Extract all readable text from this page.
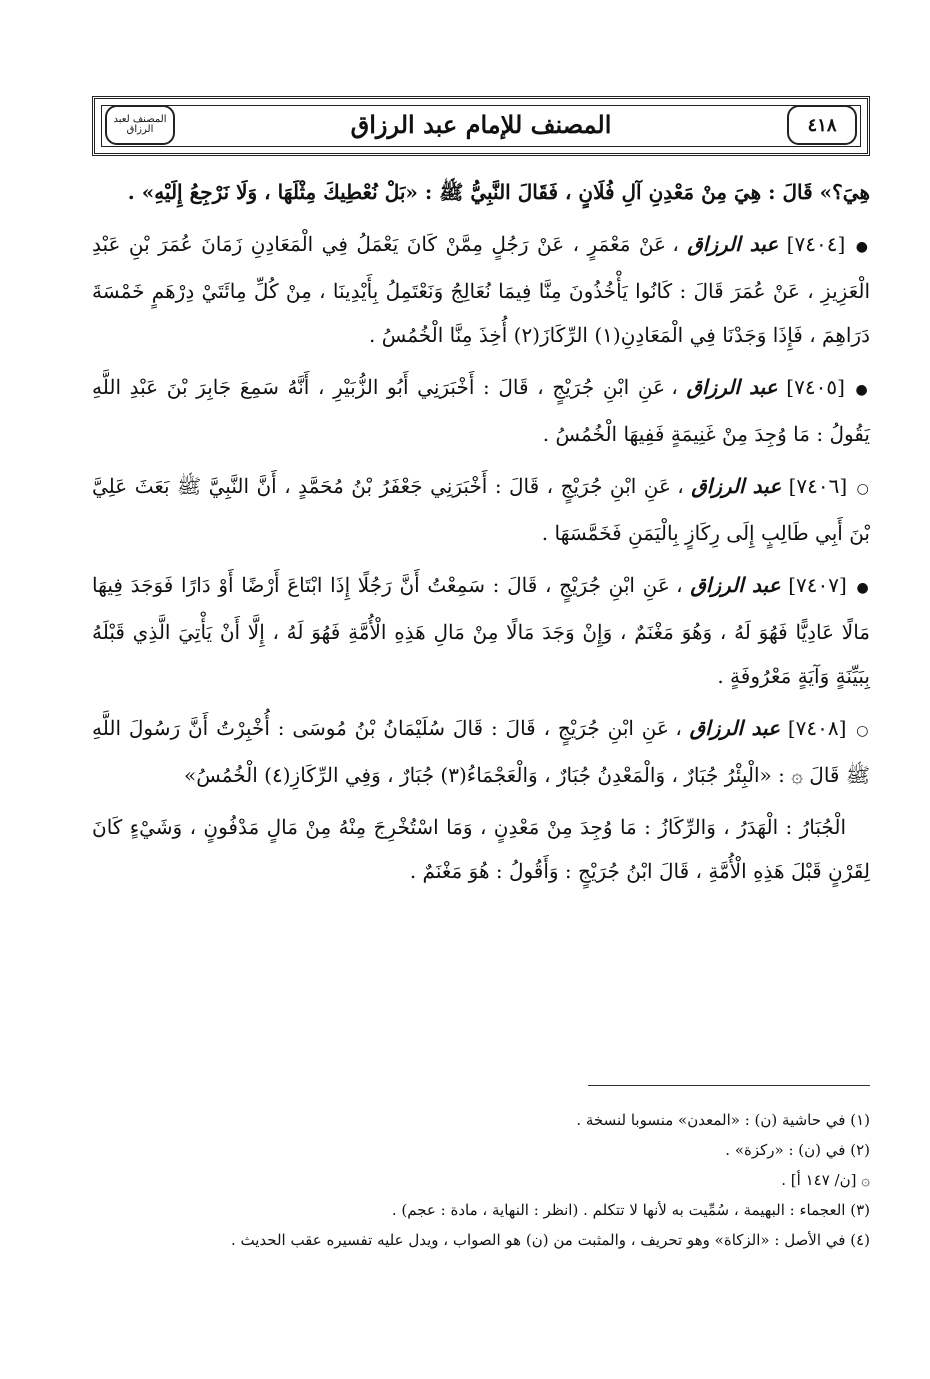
٤١٨
المصنف للإمام عبد الرزاق
المصنف لعبد الرزاق

هِيَ؟» قَالَ : هِيَ مِنْ مَعْدِنِ آلِ فُلَانٍ ، فَقَالَ النَّبِيُّ ﷺ : «بَلْ نُعْطِيكَ مِثْلَهَا ، وَلَا نَرْجِعُ إِلَيْهِ» .

● [٧٤٠٤] عبد الرزاق ، عَنْ مَعْمَرٍ ، عَنْ رَجُلٍ مِمَّنْ كَانَ يَعْمَلُ فِي الْمَعَادِنِ زَمَانَ عُمَرَ بْنِ عَبْدِ الْعَزِيزِ ، عَنْ عُمَرَ قَالَ : كَانُوا يَأْخُذُونَ مِنَّا فِيمَا نُعَالِجُ وَنَعْتَمِلُ بِأَيْدِينَا ، مِنْ كُلِّ مِائَتَيْ دِرْهَمٍ خَمْسَةَ دَرَاهِمَ ، فَإِذَا وَجَدْنَا فِي الْمَعَادِنِ(١) الرِّكَازَ(٢) أُخِذَ مِنَّا الْخُمُسُ .

● [٧٤٠٥] عبد الرزاق ، عَنِ ابْنِ جُرَيْجٍ ، قَالَ : أَخْبَرَنِي أَبُو الزُّبَيْرِ ، أَنَّهُ سَمِعَ جَابِرَ بْنَ عَبْدِ اللَّهِ يَقُولُ : مَا وُجِدَ مِنْ غَنِيمَةٍ فَفِيهَا الْخُمُسُ .

○ [٧٤٠٦] عبد الرزاق ، عَنِ ابْنِ جُرَيْجٍ ، قَالَ : أَخْبَرَنِي جَعْفَرُ بْنُ مُحَمَّدٍ ، أَنَّ النَّبِيَّ ﷺ بَعَثَ عَلِيَّ بْنَ أَبِي طَالِبٍ إِلَى رِكَازٍ بِالْيَمَنِ فَخَمَّسَهَا .

● [٧٤٠٧] عبد الرزاق ، عَنِ ابْنِ جُرَيْجٍ ، قَالَ : سَمِعْتُ أَنَّ رَجُلًا إِذَا ابْتَاعَ أَرْضًا أَوْ دَارًا فَوَجَدَ فِيهَا مَالًا عَادِيًّا فَهُوَ لَهُ ، وَهُوَ مَغْنَمٌ ، وَإِنْ وَجَدَ مَالًا مِنْ مَالِ هَذِهِ الْأُمَّةِ فَهُوَ لَهُ ، إِلَّا أَنْ يَأْتِيَ الَّذِي قَبْلَهُ بِبَيِّنَةٍ وَآيَةٍ مَعْرُوفَةٍ .

○ [٧٤٠٨] عبد الرزاق ، عَنِ ابْنِ جُرَيْجٍ ، قَالَ : قَالَ سُلَيْمَانُ بْنُ مُوسَى : أُخْبِرْتُ أَنَّ رَسُولَ اللَّهِ ﷺ قَالَ ۞ : «الْبِئْرُ جُبَارٌ ، وَالْمَعْدِنُ جُبَارٌ ، وَالْعَجْمَاءُ(٣) جُبَارٌ ، وَفِي الرِّكَازِ(٤) الْخُمُسُ»

الْجُبَارُ : الْهَدَرُ ، وَالرِّكَازُ : مَا وُجِدَ مِنْ مَعْدِنٍ ، وَمَا اسْتُخْرِجَ مِنْهُ مِنْ مَالٍ مَدْفُونٍ ، وَشَيْءٍ كَانَ لِقَرْنٍ قَبْلَ هَذِهِ الْأُمَّةِ ، قَالَ ابْنُ جُرَيْجٍ : وَأَقُولُ : هُوَ مَغْنَمٌ .

(١) في حاشية (ن) : «المعدن» منسوبا لنسخة .

(٢) في (ن) : «ركزة» .

۞ [ن/ ١٤٧ أ] .

(٣) العجماء : البهيمة ، سُمِّيت به لأنها لا تتكلم . (انظر : النهاية ، مادة : عجم) .

(٤) في الأصل : «الزكاة» وهو تحريف ، والمثبت من (ن) هو الصواب ، ويدل عليه تفسيره عقب الحديث .
